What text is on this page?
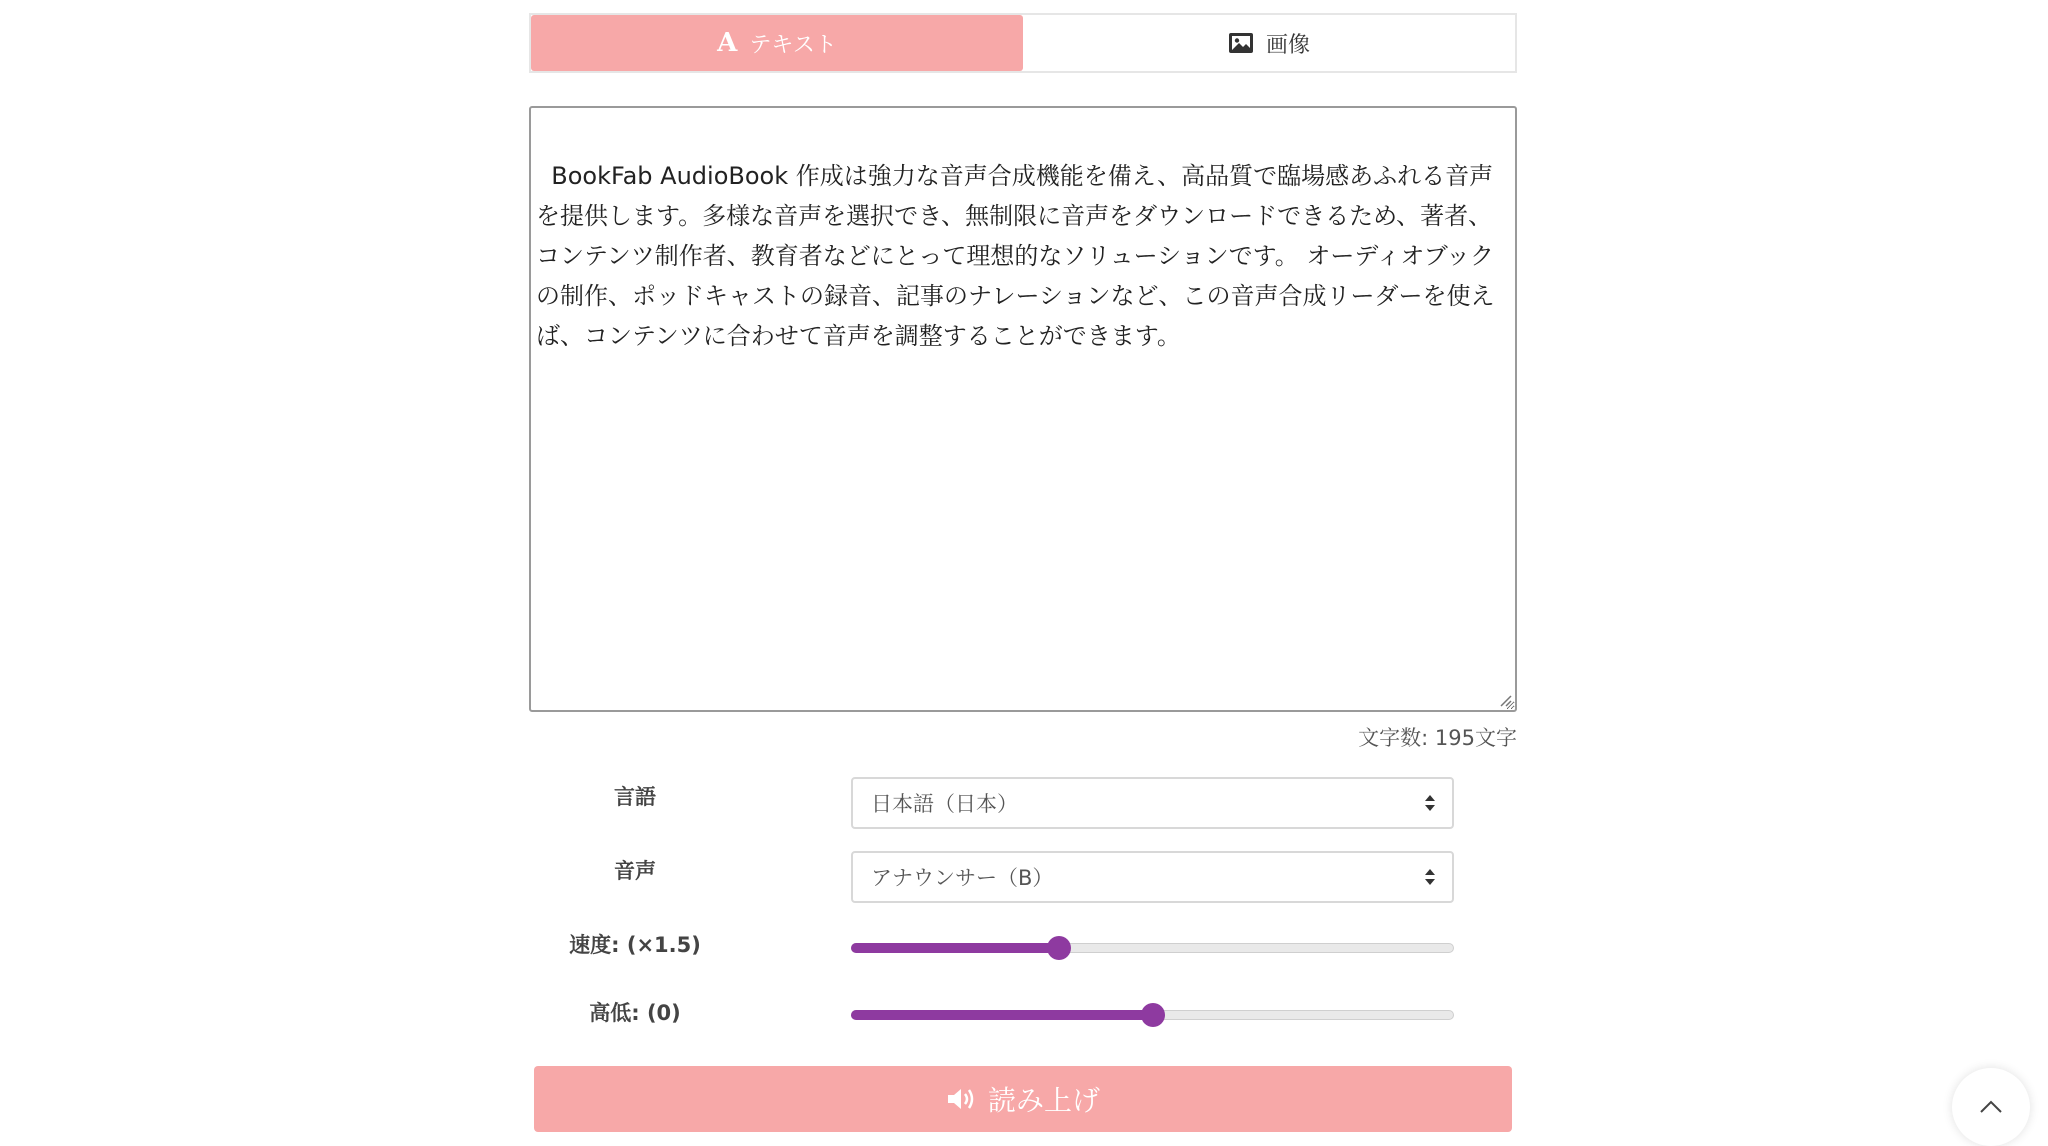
A テキスト	画像

BookFab AudioBook 作成は強力な音声合成機能を備え、高品質で臨場感あふれる音声を提供します。多様な音声を選択でき、無制限に音声をダウンロードできるため、著者、コンテンツ制作者、教育者などにとって理想的なソリューションです。 オーディオブックの制作、ポッドキャストの録音、記事のナレーションなど、この音声合成リーダーを使えば、コンテンツに合わせて音声を調整することができます。

文字数: 195文字
言語	日本語（日本）
音声	アナウンサー（B）
速度: (×1.5)
高低: (0)
読み上げ
